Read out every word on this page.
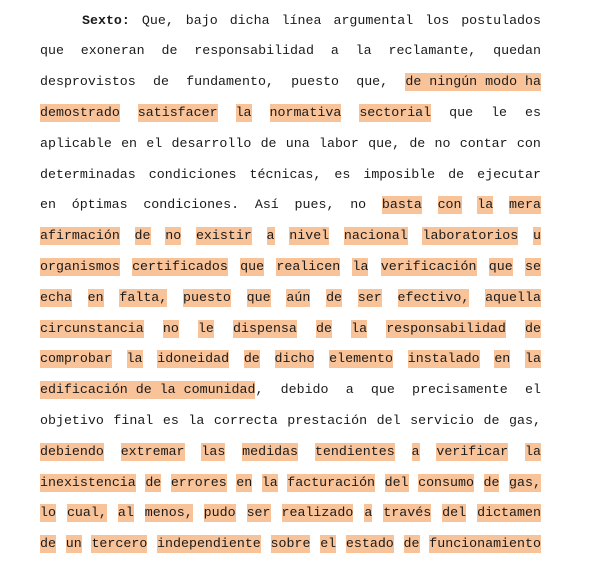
Sexto: Que, bajo dicha línea argumental los postulados
que exoneran de responsabilidad a la reclamante, quedan
desprovistos de fundamento, puesto que, de ningún modo ha
demostrado satisfacer la normativa sectorial que le es
aplicable en el desarrollo de una labor que, de no contar con
determinadas condiciones técnicas, es imposible de ejecutar
en óptimas condiciones. Así pues, no basta con la mera
afirmación de no existir a nivel nacional laboratorios u
organismos certificados que realicen la verificación que se
echa en falta, puesto que aún de ser efectivo, aquella
circunstancia no le dispensa de la responsabilidad de
comprobar la idoneidad de dicho elemento instalado en la
edificación de la comunidad , debido a que precisamente el
objetivo final es la correcta prestación del servicio de gas,
debiendo extremar las medidas tendientes a verificar la
inexistencia de errores en la facturación del consumo de gas,
lo cual, al menos, pudo ser realizado a través del dictamen
de un tercero independiente sobre el estado de funcionamiento
